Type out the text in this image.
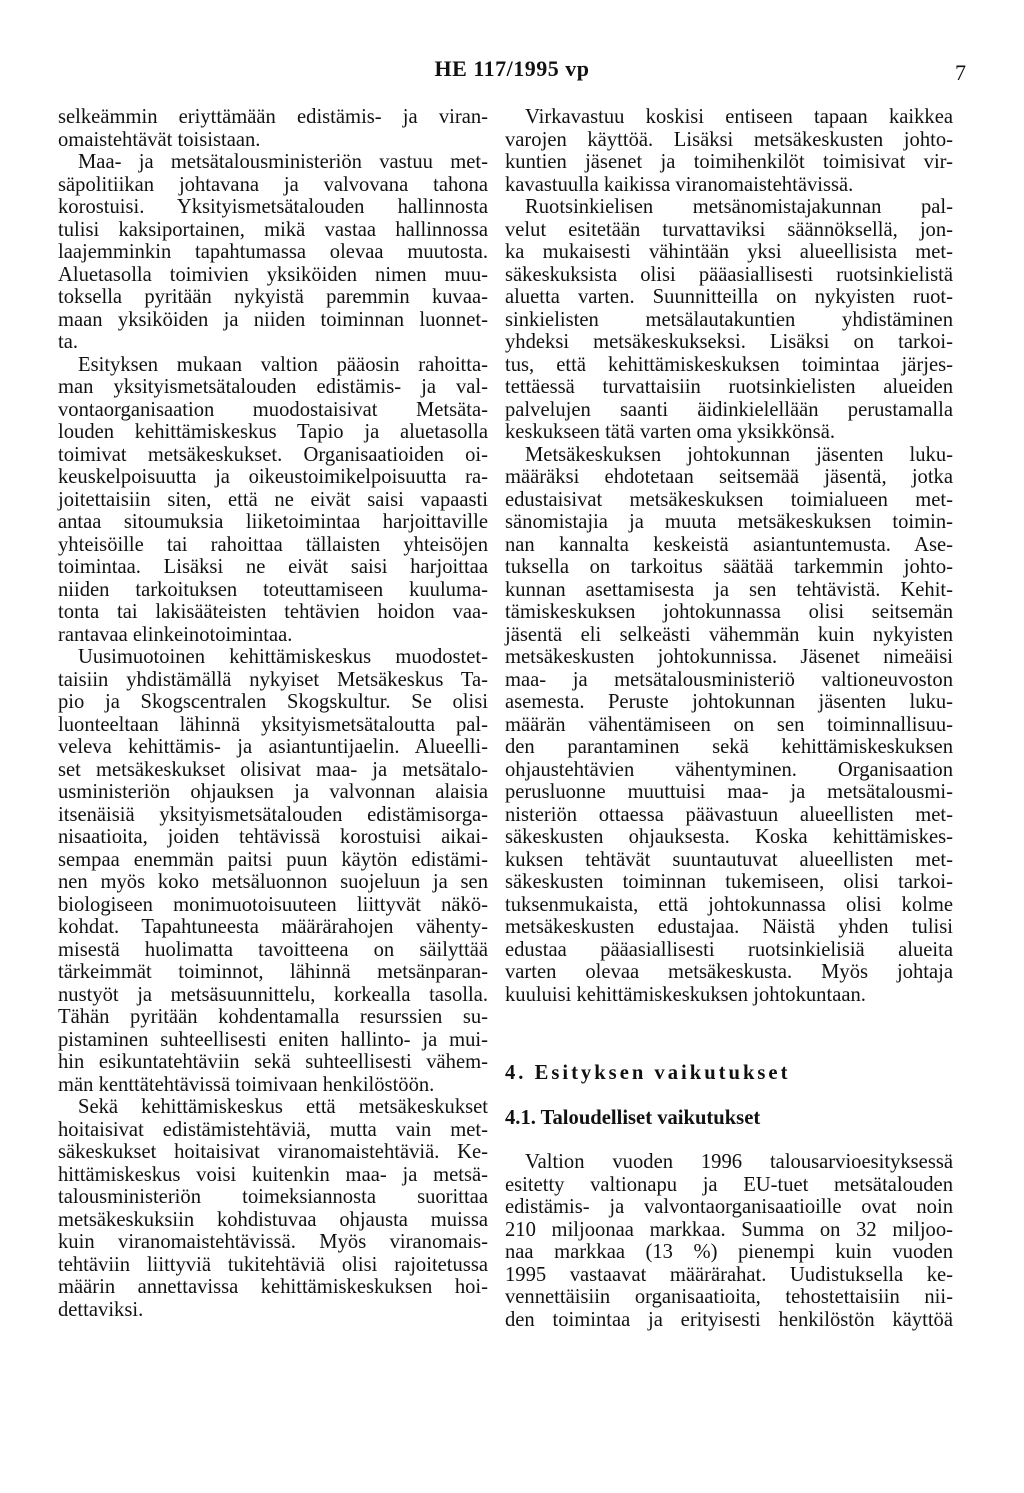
HE 117/1995 vp	7

selkeämmin eriyttämään edistämis- ja viran-
omaistehtävät toisistaan.

Maa- ja metsätalousministeriön vastuu met-
säpolitiikan johtavana ja valvovana tahona
korostuisi. Yksityismetsätalouden hallinnosta
tulisi kaksiportainen, mikä vastaa hallinnossa
laajemminkin tapahtumassa olevaa muutosta.
Aluetasolla toimivien yksiköiden nimen muu-
toksella pyritään nykyistä paremmin kuvaa-
maan yksiköiden ja niiden toiminnan luonnet-
ta.

Esityksen mukaan valtion pääosin rahoitta-
man yksityismetsätalouden edistämis- ja val-
vontaorganisaation muodostaisivat Metsäta-
louden kehittämiskeskus Tapio ja aluetasolla
toimivat metsäkeskukset. Organisaatioiden oi-
keuskelpoisuutta ja oikeustoimikelpoisuutta ra-
joitettaisiin siten, että ne eivät saisi vapaasti
antaa sitoumuksia liiketoimintaa harjoittaville
yhteisöille tai rahoittaa tällaisten yhteisöjen
toimintaa. Lisäksi ne eivät saisi harjoittaa
niiden tarkoituksen toteuttamiseen kuuluma-
tonta tai lakisääteisten tehtävien hoidon vaa-
rantavaa elinkeinotoimintaa.

Uusimuotoinen kehittämiskeskus muodostet-
taisiin yhdistämällä nykyiset Metsäkeskus Ta-
pio ja Skogscentralen Skogskultur. Se olisi
luonteeltaan lähinnä yksityismetsätaloutta pal-
veleva kehittämis- ja asiantuntijaelin. Alueelli-
set metsäkeskukset olisivat maa- ja metsätalo-
usministeriön ohjauksen ja valvonnan alaisia
itsenäisiä yksityismetsätalouden edistämisorga-
nisaatioita, joiden tehtävissä korostuisi aikai-
sempaa enemmän paitsi puun käytön edistämi-
nen myös koko metsäluonnon suojeluun ja sen
biologiseen monimuotoisuuteen liittyvät näkö-
kohdat. Tapahtuneesta määrärahojen vähenty-
misestä huolimatta tavoitteena on säilyttää
tärkeimmät toiminnot, lähinnä metsänparan-
nustyöt ja metsäsuunnittelu, korkealla tasolla.
Tähän pyritään kohdentamalla resurssien su-
pistaminen suhteellisesti eniten hallinto- ja mui-
hin esikuntatehtäviin sekä suhteellisesti vähem-
män kenttätehtävissä toimivaan henkilöstöön.

Sekä kehittämiskeskus että metsäkeskukset
hoitaisivat edistämistehtäviä, mutta vain met-
säkeskukset hoitaisivat viranomaistehtäviä. Ke-
hittämiskeskus voisi kuitenkin maa- ja metsä-
talousministeriön toimeksiannosta suorittaa
metsäkeskuksiin kohdistuvaa ohjausta muissa
kuin viranomaistehtävissä. Myös viranomais-
tehtäviin liittyviä tukitehtäviä olisi rajoitetussa
määrin annettavissa kehittämiskeskuksen hoi-
dettaviksi.

Virkavastuu koskisi entiseen tapaan kaikkea
varojen käyttöä. Lisäksi metsäkeskusten johto-
kuntien jäsenet ja toimihenkilöt toimisivat vir-
kavastuulla kaikissa viranomaistehtävissä.

Ruotsinkielisen metsänomistajakunnan pal-
velut esitetään turvattaviksi säännöksellä, jon-
ka mukaisesti vähintään yksi alueellisista met-
säkeskuksista olisi pääasiallisesti ruotsinkielistä
aluetta varten. Suunnitteilla on nykyisten ruot-
sinkielisten metsälautakuntien yhdistäminen
yhdeksi metsäkeskukseksi. Lisäksi on tarkoi-
tus, että kehittämiskeskuksen toimintaa järjes-
tettäessä turvattaisiin ruotsinkielisten alueiden
palvelujen saanti äidinkielellään perustamalla
keskukseen tätä varten oma yksikkönsä.

Metsäkeskuksen johtokunnan jäsenten luku-
määräksi ehdotetaan seitsemää jäsentä, jotka
edustaisivat metsäkeskuksen toimialueen met-
sänomistajia ja muuta metsäkeskuksen toimin-
nan kannalta keskeistä asiantuntemusta. Ase-
tuksella on tarkoitus säätää tarkemmin johto-
kunnan asettamisesta ja sen tehtävistä. Kehit-
tämiskeskuksen johtokunnassa olisi seitsemän
jäsentä eli selkeästi vähemmän kuin nykyisten
metsäkeskusten johtokunnissa. Jäsenet nimeäisi
maa- ja metsätalousministeriö valtioneuvoston
asemesta. Peruste johtokunnan jäsenten luku-
määrän vähentämiseen on sen toiminnallisuu-
den parantaminen sekä kehittämiskeskuksen
ohjaustehtävien vähentyminen. Organisaation
perusluonne muuttuisi maa- ja metsätalousmi-
nisteriön ottaessa päävastuun alueellisten met-
säkeskusten ohjauksesta. Koska kehittämiskes-
kuksen tehtävät suuntautuvat alueellisten met-
säkeskusten toiminnan tukemiseen, olisi tarkoi-
tuksenmukaista, että johtokunnassa olisi kolme
metsäkeskusten edustajaa. Näistä yhden tulisi
edustaa pääasiallisesti ruotsinkielisiä alueita
varten olevaa metsäkeskusta. Myös johtaja
kuuluisi kehittämiskeskuksen johtokuntaan.

4. Esityksen vaikutukset
4.1. Taloudelliset vaikutukset

Valtion vuoden 1996 talousarvioesityksessä
esitetty valtionapu ja EU-tuet metsätalouden
edistämis- ja valvontaorganisaatioille ovat noin
210 miljoonaa markkaa. Summa on 32 miljoo-
naa markkaa (13 %) pienempi kuin vuoden
1995 vastaavat määrärahat. Uudistuksella ke-
vennettäisiin organisaatioita, tehostettaisiin nii-
den toimintaa ja erityisesti henkilöstön käyttöä
